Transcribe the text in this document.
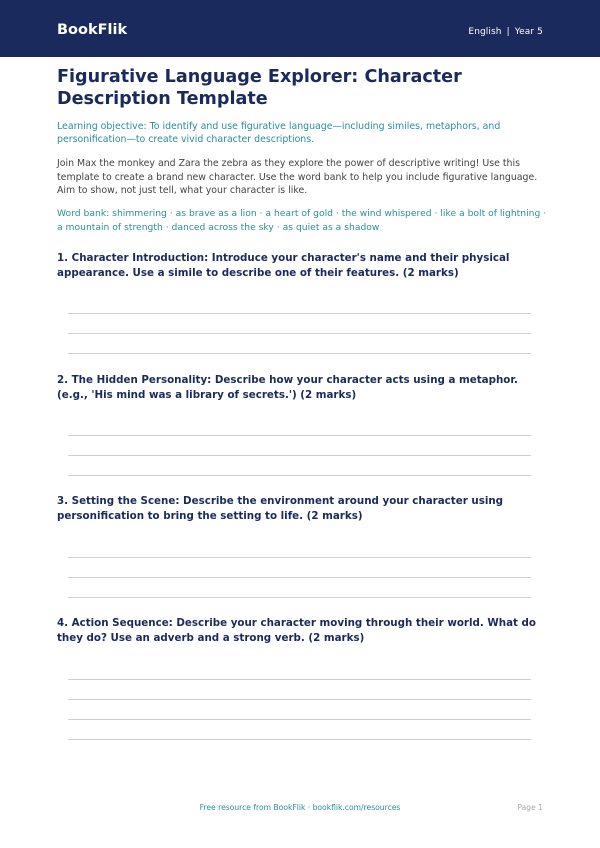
BookFlik	English | Year 5
Figurative Language Explorer: Character Description Template
Learning objective: To identify and use figurative language—including similes, metaphors, and personification—to create vivid character descriptions.
Join Max the monkey and Zara the zebra as they explore the power of descriptive writing! Use this template to create a brand new character. Use the word bank to help you include figurative language. Aim to show, not just tell, what your character is like.
Word bank: shimmering · as brave as a lion · a heart of gold · the wind whispered · like a bolt of lightning · a mountain of strength · danced across the sky · as quiet as a shadow
1. Character Introduction: Introduce your character's name and their physical appearance. Use a simile to describe one of their features. (2 marks)
2. The Hidden Personality: Describe how your character acts using a metaphor. (e.g., 'His mind was a library of secrets.') (2 marks)
3. Setting the Scene: Describe the environment around your character using personification to bring the setting to life. (2 marks)
4. Action Sequence: Describe your character moving through their world. What do they do? Use an adverb and a strong verb. (2 marks)
Free resource from BookFlik · bookflik.com/resources	Page 1
